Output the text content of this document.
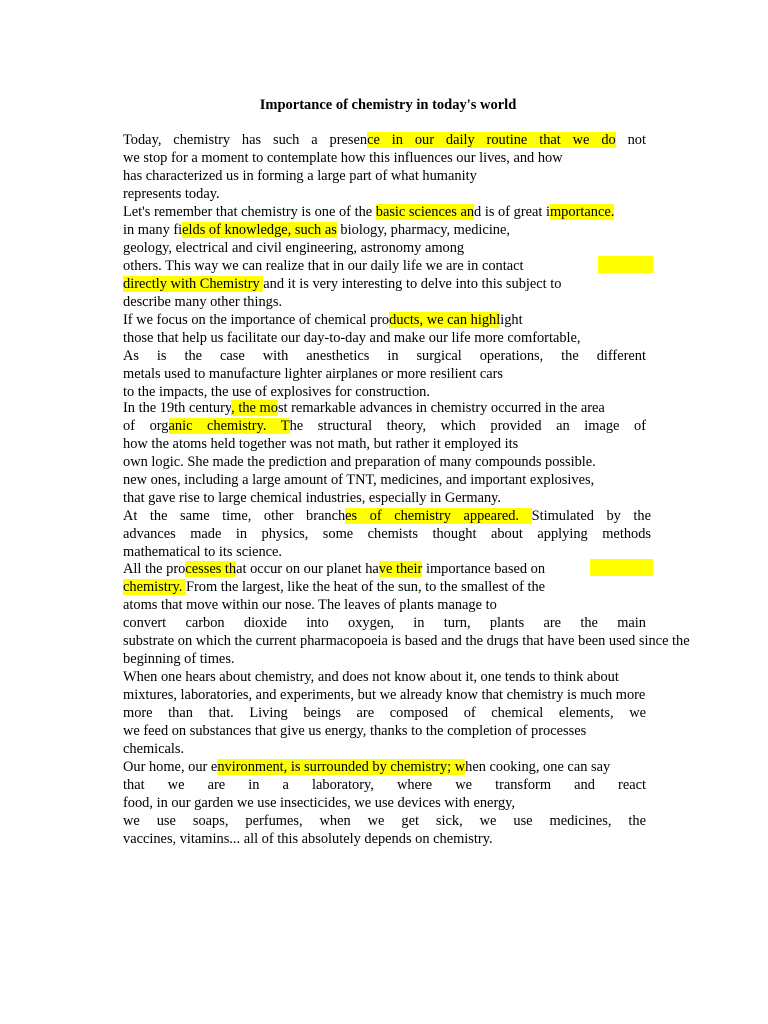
Importance of chemistry in today's world
Today, chemistry has such a presence in our daily routine that we do not
we stop for a moment to contemplate how this influences our lives, and how
has characterized us in forming a large part of what humanity
represents today.
Let's remember that chemistry is one of the basic sciences and is of great importance.
in many fields of knowledge, such as biology, pharmacy, medicine,
geology, electrical and civil engineering, astronomy among
others. This way we can realize that in our daily life we are in contact
directly with Chemistry and it is very interesting to delve into this subject to
describe many other things.
If we focus on the importance of chemical products, we can highlight
those that help us facilitate our day-to-day and make our life more comfortable,
As is the case with anesthetics in surgical operations, the different
metals used to manufacture lighter airplanes or more resilient cars
to the impacts, the use of explosives for construction.
In the 19th century, the most remarkable advances in chemistry occurred in the area
of organic chemistry. The structural theory, which provided an image of
how the atoms held together was not math, but rather it employed its
own logic. She made the prediction and preparation of many compounds possible.
new ones, including a large amount of TNT, medicines, and important explosives,
that gave rise to large chemical industries, especially in Germany.
At the same time, other branches of chemistry appeared. Stimulated by the
advances made in physics, some chemists thought about applying methods
mathematical to its science.
All the processes that occur on our planet have their importance based on
chemistry. From the largest, like the heat of the sun, to the smallest of the
atoms that move within our nose. The leaves of plants manage to
convert carbon dioxide into oxygen, in turn, plants are the main
substrate on which the current pharmacopoeia is based and the drugs that have been used since the
beginning of times.
When one hears about chemistry, and does not know about it, one tends to think about
mixtures, laboratories, and experiments, but we already know that chemistry is much more
more than that. Living beings are composed of chemical elements, we
we feed on substances that give us energy, thanks to the completion of processes
chemicals.
Our home, our environment, is surrounded by chemistry; when cooking, one can say
that we are in a laboratory, where we transform and react
food, in our garden we use insecticides, we use devices with energy,
we use soaps, perfumes, when we get sick, we use medicines, the
vaccines, vitamins... all of this absolutely depends on chemistry.
